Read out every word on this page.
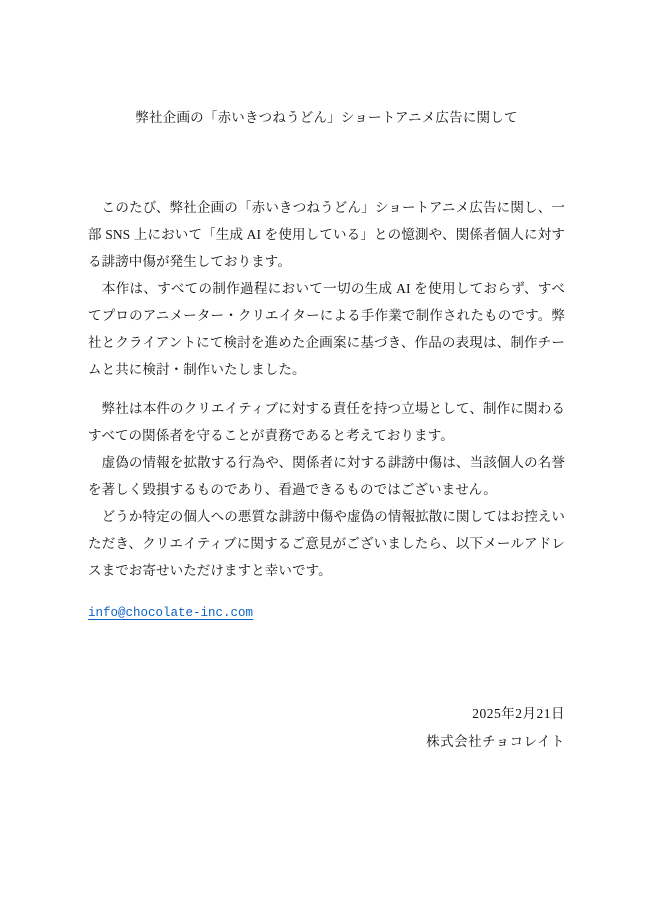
弊社企画の「赤いきつねうどん」ショートアニメ広告に関して

　このたび、弊社企画の「赤いきつねうどん」ショートアニメ広告に関し、一部 SNS 上において「生成 AI を使用している」との憶測や、関係者個人に対する誹謗中傷が発生しております。

　本作は、すべての制作過程において一切の生成 AI を使用しておらず、すべてプロのアニメーター・クリエイターによる手作業で制作されたものです。弊社とクライアントにて検討を進めた企画案に基づき、作品の表現は、制作チームと共に検討・制作いたしました。

　弊社は本件のクリエイティブに対する責任を持つ立場として、制作に関わるすべての関係者を守ることが責務であると考えております。

　虚偽の情報を拡散する行為や、関係者に対する誹謗中傷は、当該個人の名誉を著しく毀損するものであり、看過できるものではございません。

　どうか特定の個人への悪質な誹謗中傷や虚偽の情報拡散に関してはお控えいただき、クリエイティブに関するご意見がございましたら、以下メールアドレスまでお寄せいただけますと幸いです。

info@chocolate-inc.com
2025年2月21日
株式会社チョコレイト
